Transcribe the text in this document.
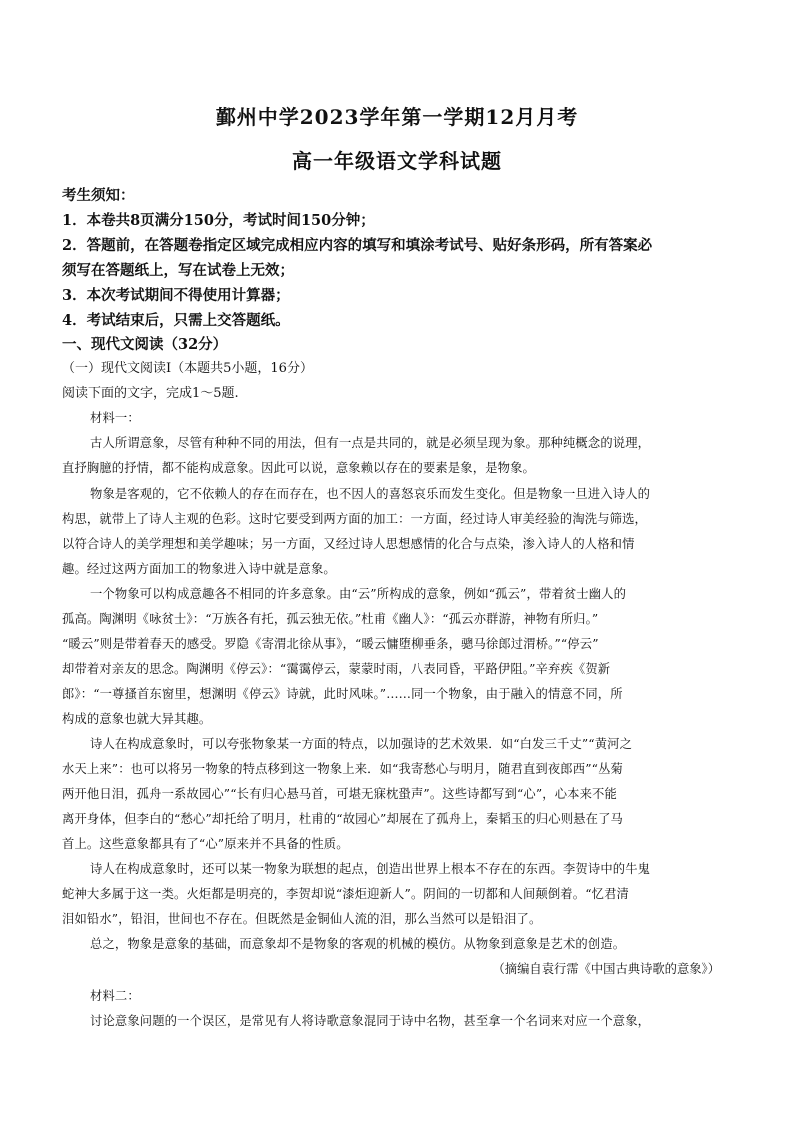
鄞州中学2023学年第一学期12月月考
高一年级语文学科试题
考生须知：
1．本卷共8页满分150分，考试时间150分钟；
2．答题前，在答题卷指定区域完成相应内容的填写和填涂考试号、贴好条形码，所有答案必
须写在答题纸上，写在试卷上无效；
3．本次考试期间不得使用计算器；
4．考试结束后，只需上交答题纸。
一、现代文阅读（32分）
（一）现代文阅读Ⅰ（本题共5小题，16分）
阅读下面的文字，完成1～5题.
材料一：
古人所谓意象，尽管有种种不同的用法，但有一点是共同的，就是必须呈现为象。那种纯概念的说理，
直抒胸臆的抒情，都不能构成意象。因此可以说，意象赖以存在的要素是象，是物象。
物象是客观的，它不依赖人的存在而存在，也不因人的喜怒哀乐而发生变化。但是物象一旦进入诗人的
构思，就带上了诗人主观的色彩。这时它要受到两方面的加工：一方面，经过诗人审美经验的淘洗与筛选，
以符合诗人的美学理想和美学趣味；另一方面，又经过诗人思想感情的化合与点染，渗入诗人的人格和情
趣。经过这两方面加工的物象进入诗中就是意象。
一个物象可以构成意趣各不相同的许多意象。由“云”所构成的意象，例如“孤云”，带着贫士幽人的
孤高。陶渊明《咏贫士》：“万族各有托，孤云独无依。”杜甫《幽人》：“孤云亦群游，神物有所归。”
“暖云”则是带着春天的感受。罗隐《寄渭北徐从事》，“暖云慵堕柳垂条，骢马徐郎过渭桥。”“停云”
却带着对亲友的思念。陶渊明《停云》：“霭霭停云，蒙蒙时雨，八表同昏，平路伊阻。”辛弃疾《贺新
郎》：“一尊搔首东窗里，想渊明《停云》诗就，此时风味。”……同一个物象，由于融入的情意不同，所
构成的意象也就大异其趣。
诗人在构成意象时，可以夸张物象某一方面的特点，以加强诗的艺术效果．如“白发三千丈”“黄河之
水天上来”：也可以将另一物象的特点移到这一物象上来．如“我寄愁心与明月，随君直到夜郎西”“丛菊
两开他日泪，孤舟一系故园心”“长有归心悬马首，可堪无寐枕蛩声”。这些诗都写到“心”，心本来不能
离开身体，但李白的“愁心”却托给了明月，杜甫的“故园心”却展在了孤舟上，秦韬玉的归心则悬在了马
首上。这些意象都具有了“心”原来并不具备的性质。
诗人在构成意象时，还可以某一物象为联想的起点，创造出世界上根本不存在的东西。李贺诗中的牛鬼
蛇神大多属于这一类。火炬都是明亮的，李贺却说“漆炬迎新人”。阴间的一切都和人间颠倒着。“忆君清
泪如铅水”，铅泪，世间也不存在。但既然是金铜仙人流的泪，那么当然可以是铅泪了。
总之，物象是意象的基础，而意象却不是物象的客观的机械的模仿。从物象到意象是艺术的创造。
（摘编自袁行霈《中国古典诗歌的意象》）
材料二：
讨论意象问题的一个误区，是常见有人将诗歌意象混同于诗中名物，甚至拿一个名词来对应一个意象，
